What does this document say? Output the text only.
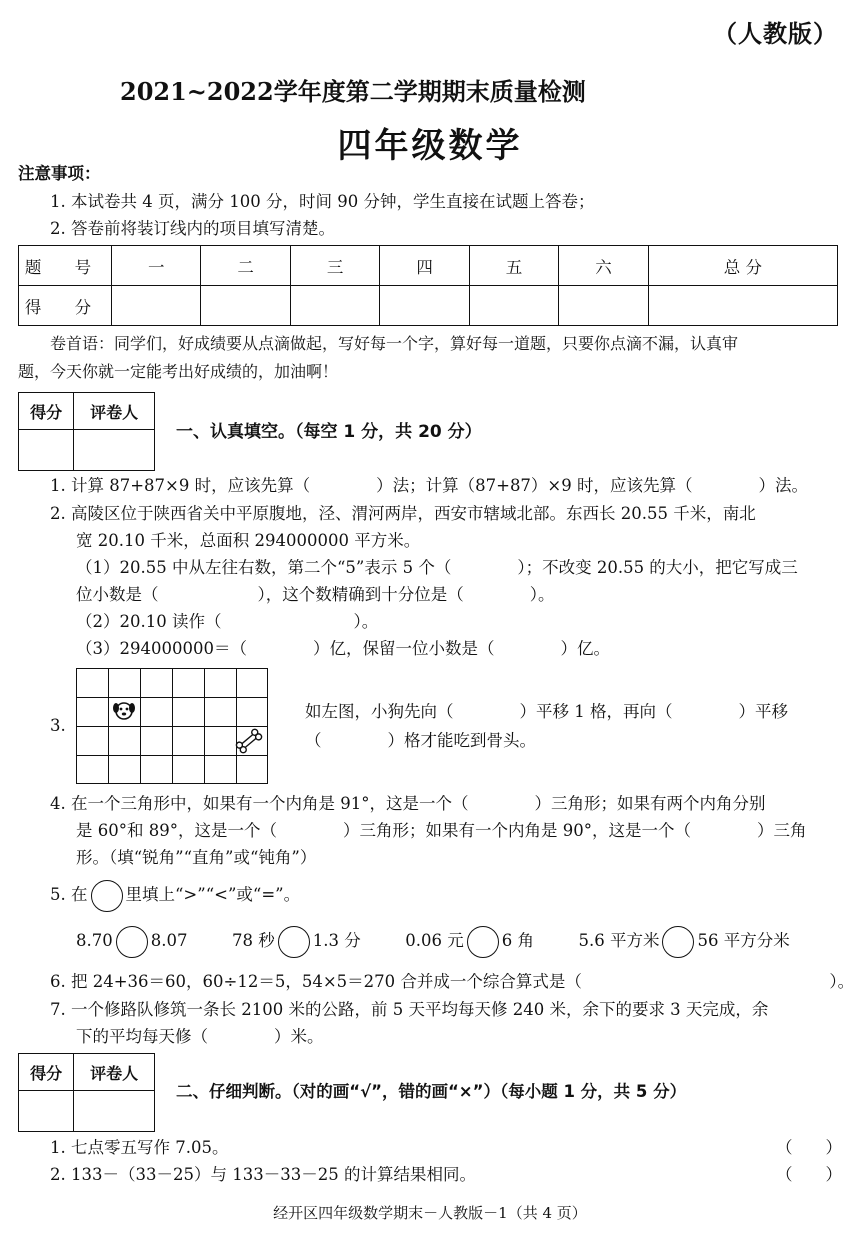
（人教版）
2021~2022学年度第二学期期末质量检测
四年级数学
注意事项：
1. 本试卷共 4 页，满分 100 分，时间 90 分钟，学生直接在试题上答卷；
2. 答卷前将装订线内的项目填写清楚。
题 号	一	二	三	四	五	六	总 分
得 分							
卷首语：同学们，好成绩要从点滴做起，写好每一个字，算好每一道题，只要你点滴不漏，认真审
题，今天你就一定能考出好成绩的，加油啊！
得分	评卷人

一、认真填空。（每空 1 分，共 20 分）
1. 计算 87+87×9 时，应该先算（　　　　）法；计算（87+87）×9 时，应该先算（　　　　）法。
2. 高陵区位于陕西省关中平原腹地，泾、渭河两岸，西安市辖域北部。东西长 20.55 千米，南北
宽 20.10 千米，总面积 294000000 平方米。
（1）20.55 中从左往右数，第二个“5”表示 5 个（　　　　）；不改变 20.55 的大小，把它写成三
位小数是（　　　　　　），这个数精确到十分位是（　　　　）。
（2）20.10 读作（　　　　　　　　）。
（3）294000000＝（　　　　）亿，保留一位小数是（　　　　）亿。
3.
如左图，小狗先向（　　　　）平移 1 格，再向（　　　　）平移
（　　　　）格才能吃到骨头。
4. 在一个三角形中，如果有一个内角是 91°，这是一个（　　　　）三角形；如果有两个内角分别
是 60°和 89°，这是一个（　　　　）三角形；如果有一个内角是 90°，这是一个（　　　　）三角
形。（填“锐角”“直角”或“钝角”）
5. 在 里填上“>”“<”或“=”。
8.70 8.07	78 秒 1.3 分	0.06 元 6 角	5.6 平方米 56 平方分米
6. 把 24+36＝60，60÷12＝5，54×5＝270 合并成一个综合算式是（　　　　　　　　　　　　　　　）。
7. 一个修路队修筑一条长 2100 米的公路，前 5 天平均每天修 240 米，余下的要求 3 天完成，余
下的平均每天修（　　　　）米。
得分	评卷人

二、仔细判断。（对的画“√”，错的画“×”）（每小题 1 分，共 5 分）
1. 七点零五写作 7.05。	（　　）
2. 133－（33－25）与 133－33－25 的计算结果相同。	（　　）
经开区四年级数学期末－人教版－1（共 4 页）
